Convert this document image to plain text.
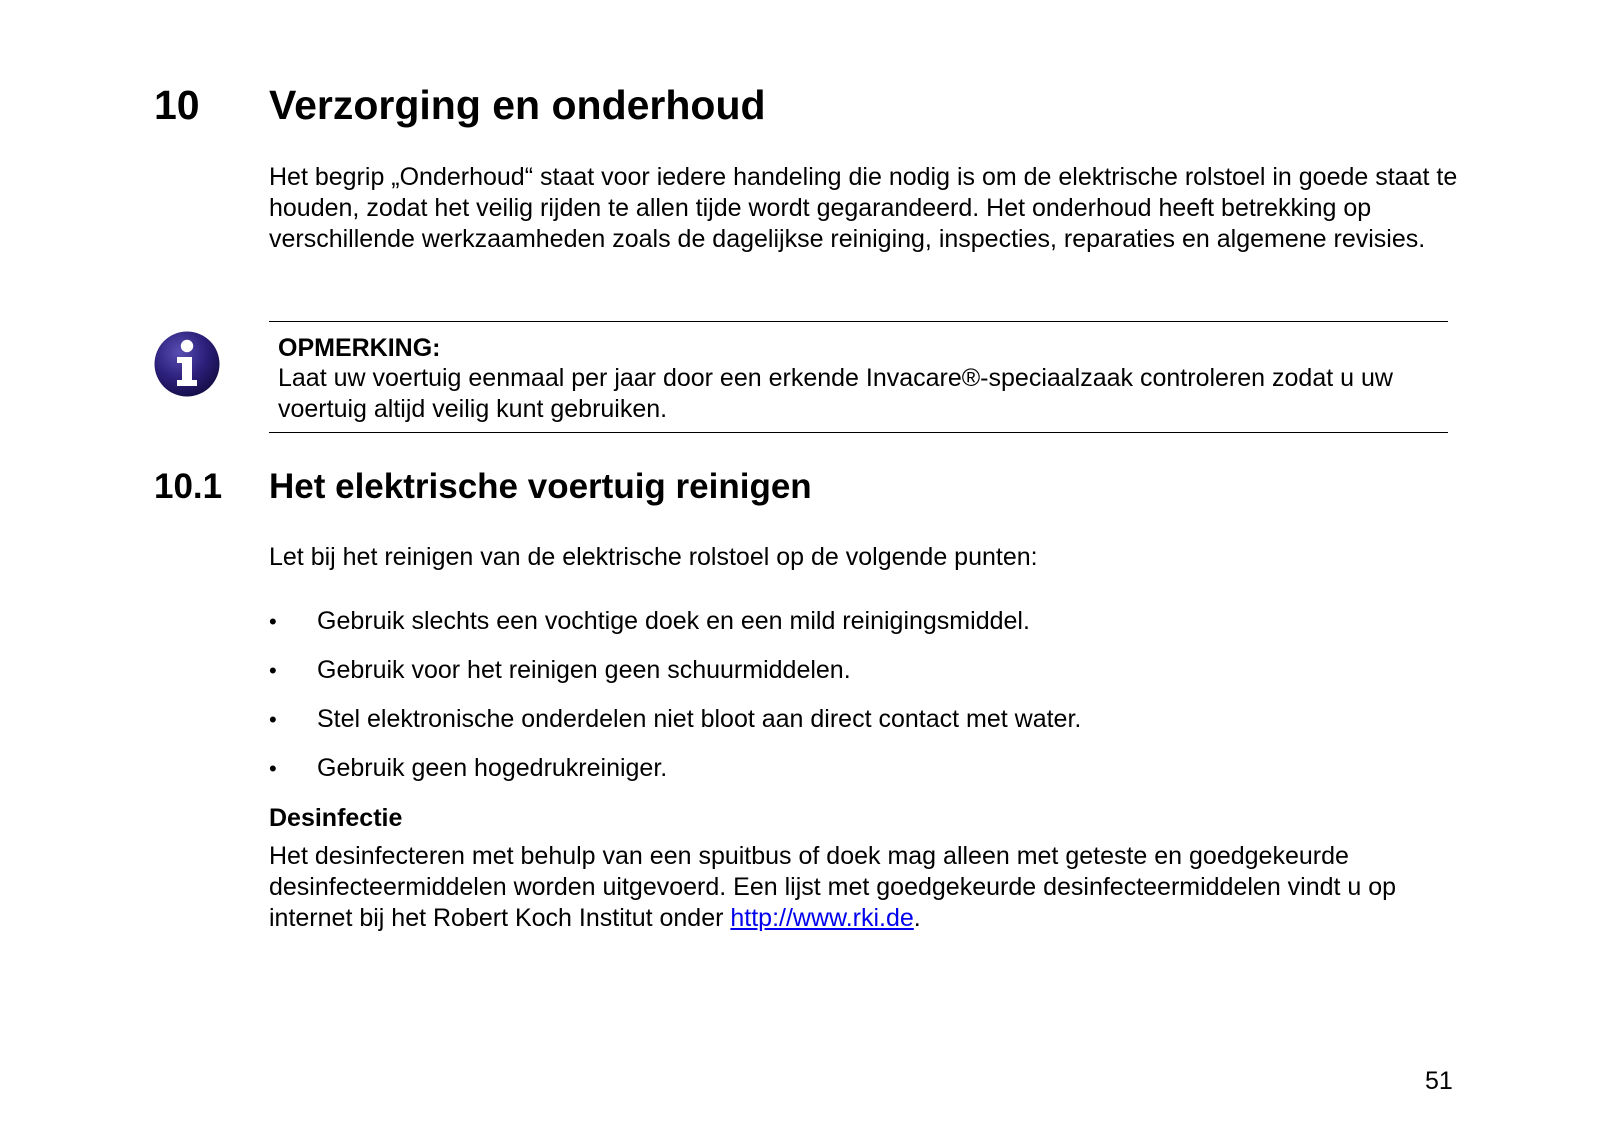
10 Verzorging en onderhoud

Het begrip „Onderhoud“ staat voor iedere handeling die nodig is om de elektrische rolstoel in goede staat te houden, zodat het veilig rijden te allen tijde wordt gegarandeerd. Het onderhoud heeft betrekking op verschillende werkzaamheden zoals de dagelijkse reiniging, inspecties, reparaties en algemene revisies.

OPMERKING:
Laat uw voertuig eenmaal per jaar door een erkende Invacare®-speciaalzaak controleren zodat u uw voertuig altijd veilig kunt gebruiken.
10.1 Het elektrische voertuig reinigen

Let bij het reinigen van de elektrische rolstoel op de volgende punten:

• Gebruik slechts een vochtige doek en een mild reinigingsmiddel.
• Gebruik voor het reinigen geen schuurmiddelen.
• Stel elektronische onderdelen niet bloot aan direct contact met water.
• Gebruik geen hogedrukreiniger.
Desinfectie

Het desinfecteren met behulp van een spuitbus of doek mag alleen met geteste en goedgekeurde desinfecteermiddelen worden uitgevoerd. Een lijst met goedgekeurde desinfecteermiddelen vindt u op internet bij het Robert Koch Institut onder http://www.rki.de.

51
